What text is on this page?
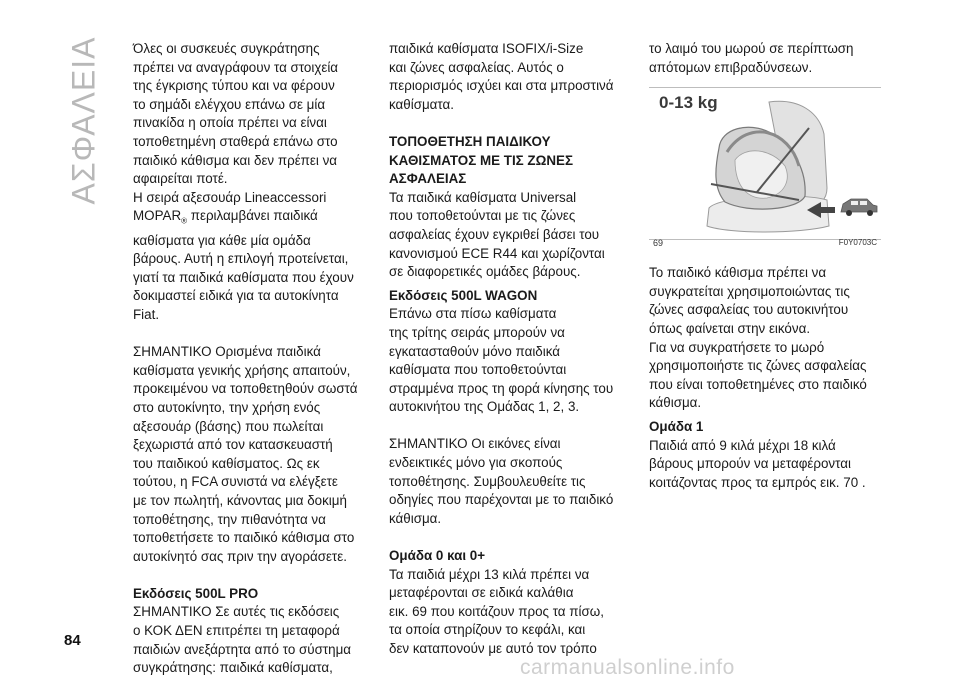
ΑΣΦΑΛΕΙΑ Όλες οι συσκευές συγκράτησης
πρέπει να αναγράφουν τα στοιχεία
της έγκρισης τύπου και να φέρουν
το σημάδι ελέγχου επάνω σε μία
πινακίδα η οποία πρέπει να είναι
τοποθετημένη σταθερά επάνω στο
παιδικό κάθισμα και δεν πρέπει να
αφαιρείται ποτέ.

Η σειρά αξεσουάρ Lineaccessori
$MOPAR_®$ περιλαμβάνει παιδικά
καθίσματα για κάθε μία ομάδα
βάρους. Αυτή η επιλογή προτείνεται,
γιατί τα παιδικά καθίσματα που έχουν
δοκιμαστεί ειδικά για τα αυτοκίνητα
Fiat.

ΣΗΜΑΝΤΙΚΟ Ορισμένα παιδικά
καθίσματα γενικής χρήσης απαιτούν,
προκειμένου να τοποθετηθούν σωστά
στο αυτοκίνητο, την χρήση ενός
αξεσουάρ (βάσης) που πωλείται
ξεχωριστά από τον κατασκευαστή
του παιδικού καθίσματος. Ως εκ
τούτου, η FCA συνιστά να ελέγξετε
με τον πωλητή, κάνοντας μια δοκιμή
τοποθέτησης, την πιθανότητα να
τοποθετήσετε το παιδικό κάθισμα στο
αυτοκίνητό σας πριν την αγοράσετε.

Εκδόσεις 500L PRO

ΣΗΜΑΝΤΙΚΟ Σε αυτές τις εκδόσεις
ο ΚΟΚ ΔΕΝ επιτρέπει τη μεταφορά
παιδιών ανεξάρτητα από το σύστημα
συγκράτησης: παιδικά καθίσματα,

παιδικά καθίσματα ISOFIX/i-Size
και ζώνες ασφαλείας. Αυτός ο
περιορισμός ισχύει και στα μπροστινά
καθίσματα.

ΤΟΠΟΘΕΤΗΣΗ ΠΑΙΔΙΚΟΥ
ΚΑΘΙΣΜΑΤΟΣ ΜΕ ΤΙΣ ΖΩΝΕΣ
ΑΣΦΑΛΕΙΑΣ

Τα παιδικά καθίσματα Universal
που τοποθετούνται με τις ζώνες
ασφαλείας έχουν εγκριθεί βάσει του
κανονισμού ECE R44 και χωρίζονται
σε διαφορετικές ομάδες βάρους.

Εκδόσεις 500L WAGON

Επάνω στα πίσω καθίσματα
της τρίτης σειράς μπορούν να
εγκατασταθούν μόνο παιδικά
καθίσματα που τοποθετούνται
στραμμένα προς τη φορά κίνησης του
αυτοκινήτου της Ομάδας 1, 2, 3.

ΣΗΜΑΝΤΙΚΟ Οι εικόνες είναι
ενδεικτικές μόνο για σκοπούς
τοποθέτησης. Συμβουλευθείτε τις
οδηγίες που παρέχονται με το παιδικό
κάθισμα.

Ομάδα 0 και 0+

Τα παιδιά μέχρι 13 κιλά πρέπει να
μεταφέρονται σε ειδικά καλάθια
εικ. 69 που κοιτάζουν προς τα πίσω,
τα οποία στηρίζουν το κεφάλι, και
δεν καταπονούν με αυτό τον τρόπο

το λαιμό του μωρού σε περίπτωση
απότομων επιβραδύνσεων.

0-13 kg
69	F0Y0703C

Το παιδικό κάθισμα πρέπει να
συγκρατείται χρησιμοποιώντας τις
ζώνες ασφαλείας του αυτοκινήτου
όπως φαίνεται στην εικόνα.
Για να συγκρατήσετε το μωρό
χρησιμοποιήστε τις ζώνες ασφαλείας
που είναι τοποθετημένες στο παιδικό
κάθισμα.

Ομάδα 1

Παιδιά από 9 κιλά μέχρι 18 κιλά
βάρους μπορούν να μεταφέρονται
κοιτάζοντας προς τα εμπρός εικ. 70 .

84
carmanualsonline.info
